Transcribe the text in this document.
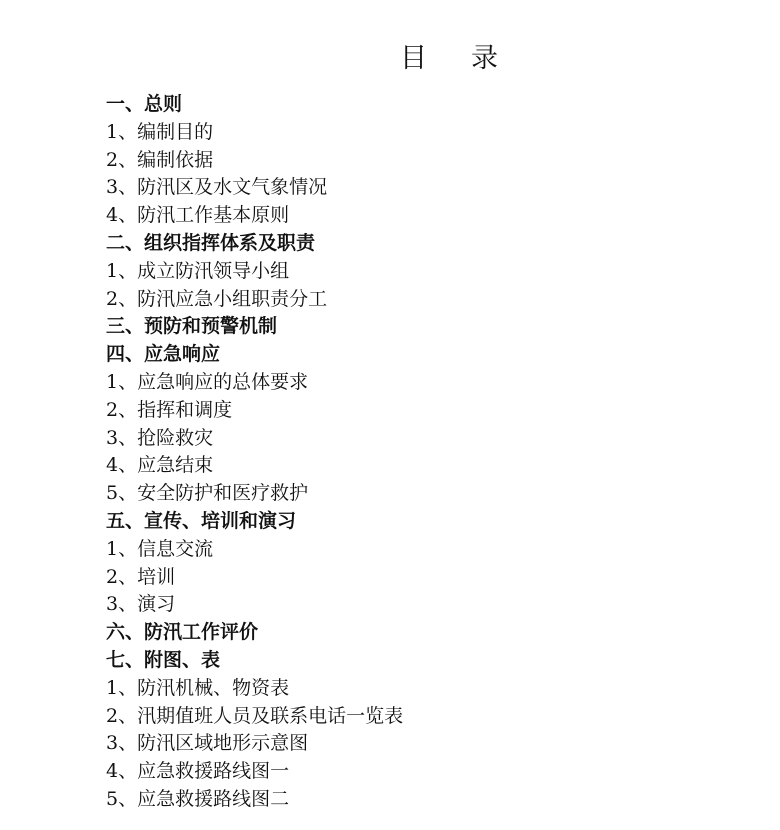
目 录
一、总则
1、编制目的
2、编制依据
3、防汛区及水文气象情况
4、防汛工作基本原则
二、组织指挥体系及职责
1、成立防汛领导小组
2、防汛应急小组职责分工
三、预防和预警机制
四、应急响应
1、应急响应的总体要求
2、指挥和调度
3、抢险救灾
4、应急结束
5、安全防护和医疗救护
五、宣传、培训和演习
1、信息交流
2、培训
3、演习
六、防汛工作评价
七、附图、表
1、防汛机械、物资表
2、汛期值班人员及联系电话一览表
3、防汛区域地形示意图
4、应急救援路线图一
5、应急救援路线图二
